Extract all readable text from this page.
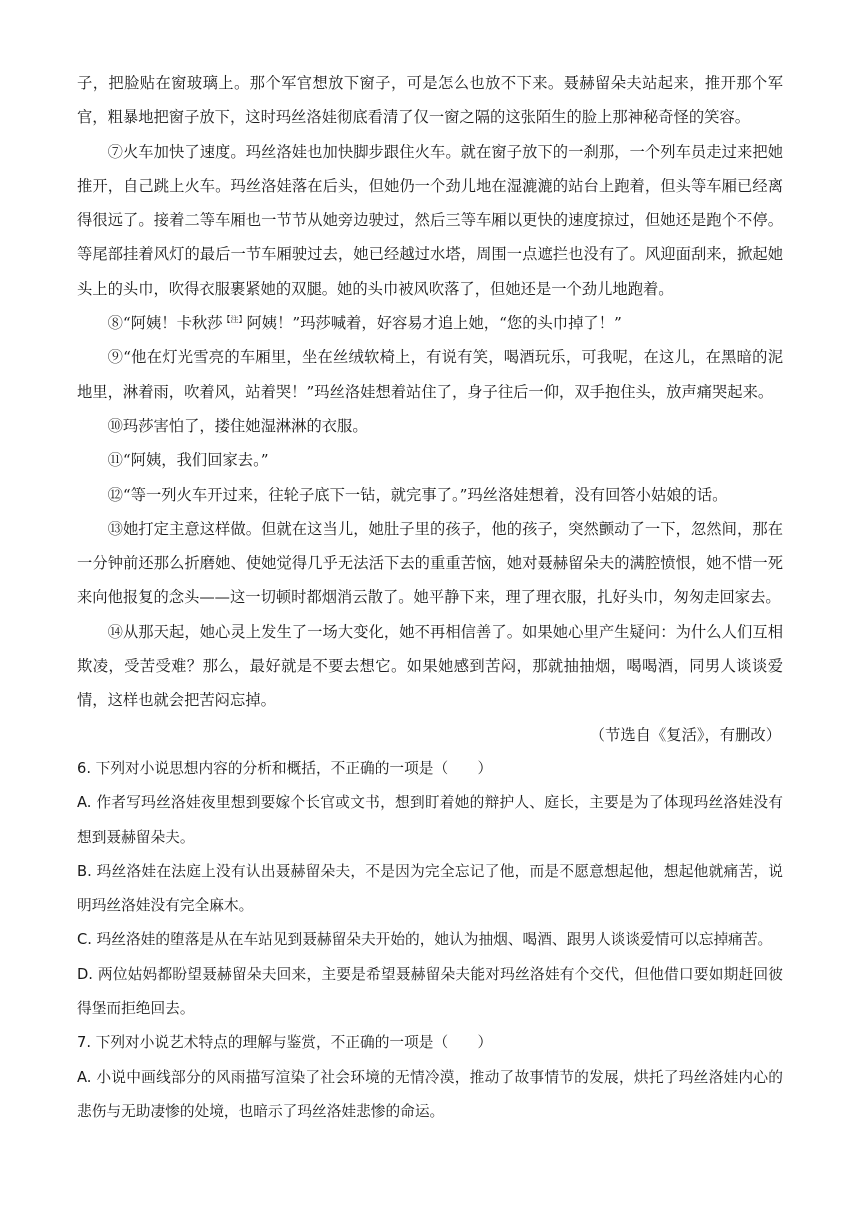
子，把脸贴在窗玻璃上。那个军官想放下窗子，可是怎么也放不下来。聂赫留朵夫站起来，推开那个军官，粗暴地把窗子放下，这时玛丝洛娃彻底看清了仅一窗之隔的这张陌生的脸上那神秘奇怪的笑容。

⑦火车加快了速度。玛丝洛娃也加快脚步跟住火车。就在窗子放下的一刹那，一个列车员走过来把她推开，自己跳上火车。玛丝洛娃落在后头，但她仍一个劲儿地在湿漉漉的站台上跑着，但头等车厢已经离得很远了。接着二等车厢也一节节从她旁边驶过，然后三等车厢以更快的速度掠过，但她还是跑个不停。等尾部挂着风灯的最后一节车厢驶过去，她已经越过水塔，周围一点遮拦也没有了。风迎面刮来，掀起她头上的头巾，吹得衣服裹紧她的双腿。她的头巾被风吹落了，但她还是一个劲儿地跑着。

⑧“阿姨！卡秋莎$^{【注】}$阿姨！”玛莎喊着，好容易才追上她，“您的头巾掉了！”

⑨“他在灯光雪亮的车厢里，坐在丝绒软椅上，有说有笑，喝酒玩乐，可我呢，在这儿，在黑暗的泥地里，淋着雨，吹着风，站着哭！”玛丝洛娃想着站住了，身子往后一仰，双手抱住头，放声痛哭起来。

⑩玛莎害怕了，搂住她湿淋淋的衣服。

⑪“阿姨，我们回家去。”

⑫“等一列火车开过来，往轮子底下一钻，就完事了。”玛丝洛娃想着，没有回答小姑娘的话。

⑬她打定主意这样做。但就在这当儿，她肚子里的孩子，他的孩子，突然颤动了一下，忽然间，那在一分钟前还那么折磨她、使她觉得几乎无法活下去的重重苦恼，她对聂赫留朵夫的满腔愤恨，她不惜一死来向他报复的念头——这一切顿时都烟消云散了。她平静下来，理了理衣服，扎好头巾，匆匆走回家去。

⑭从那天起，她心灵上发生了一场大变化，她不再相信善了。如果她心里产生疑问：为什么人们互相欺凌，受苦受难？那么，最好就是不要去想它。如果她感到苦闷，那就抽抽烟，喝喝酒，同男人谈谈爱情，这样也就会把苦闷忘掉。

（节选自《复活》，有删改）

6. 下列对小说思想内容的分析和概括，不正确的一项是（　　）

A. 作者写玛丝洛娃夜里想到要嫁个长官或文书，想到盯着她的辩护人、庭长，主要是为了体现玛丝洛娃没有想到聂赫留朵夫。

B. 玛丝洛娃在法庭上没有认出聂赫留朵夫，不是因为完全忘记了他，而是不愿意想起他，想起他就痛苦，说明玛丝洛娃没有完全麻木。

C. 玛丝洛娃的堕落是从在车站见到聂赫留朵夫开始的，她认为抽烟、喝酒、跟男人谈谈爱情可以忘掉痛苦。

D. 两位姑妈都盼望聂赫留朵夫回来，主要是希望聂赫留朵夫能对玛丝洛娃有个交代，但他借口要如期赶回彼得堡而拒绝回去。

7. 下列对小说艺术特点的理解与鉴赏，不正确的一项是（　　）

A. 小说中画线部分的风雨描写渲染了社会环境的无情冷漠，推动了故事情节的发展，烘托了玛丝洛娃内心的悲伤与无助凄惨的处境，也暗示了玛丝洛娃悲惨的命运。
